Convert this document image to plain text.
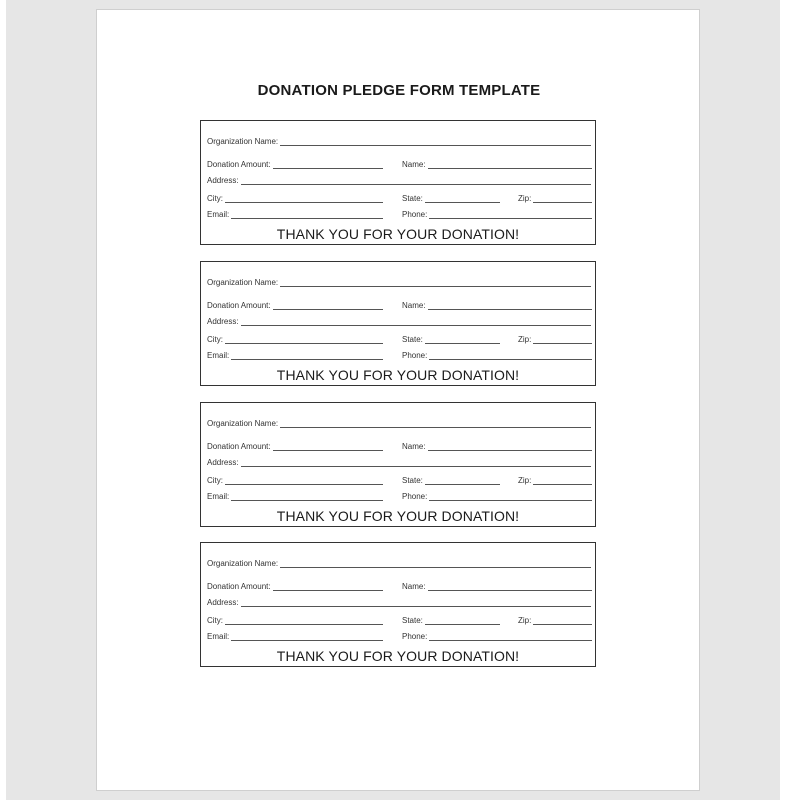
DONATION PLEDGE FORM TEMPLATE
Organization Name:
Donation Amount:	Name:
Address:
City:	State:	Zip:
Email:	Phone:
THANK YOU FOR YOUR DONATION!
Organization Name:
Donation Amount:	Name:
Address:
City:	State:	Zip:
Email:	Phone:
THANK YOU FOR YOUR DONATION!
Organization Name:
Donation Amount:	Name:
Address:
City:	State:	Zip:
Email:	Phone:
THANK YOU FOR YOUR DONATION!
Organization Name:
Donation Amount:	Name:
Address:
City:	State:	Zip:
Email:	Phone:
THANK YOU FOR YOUR DONATION!
